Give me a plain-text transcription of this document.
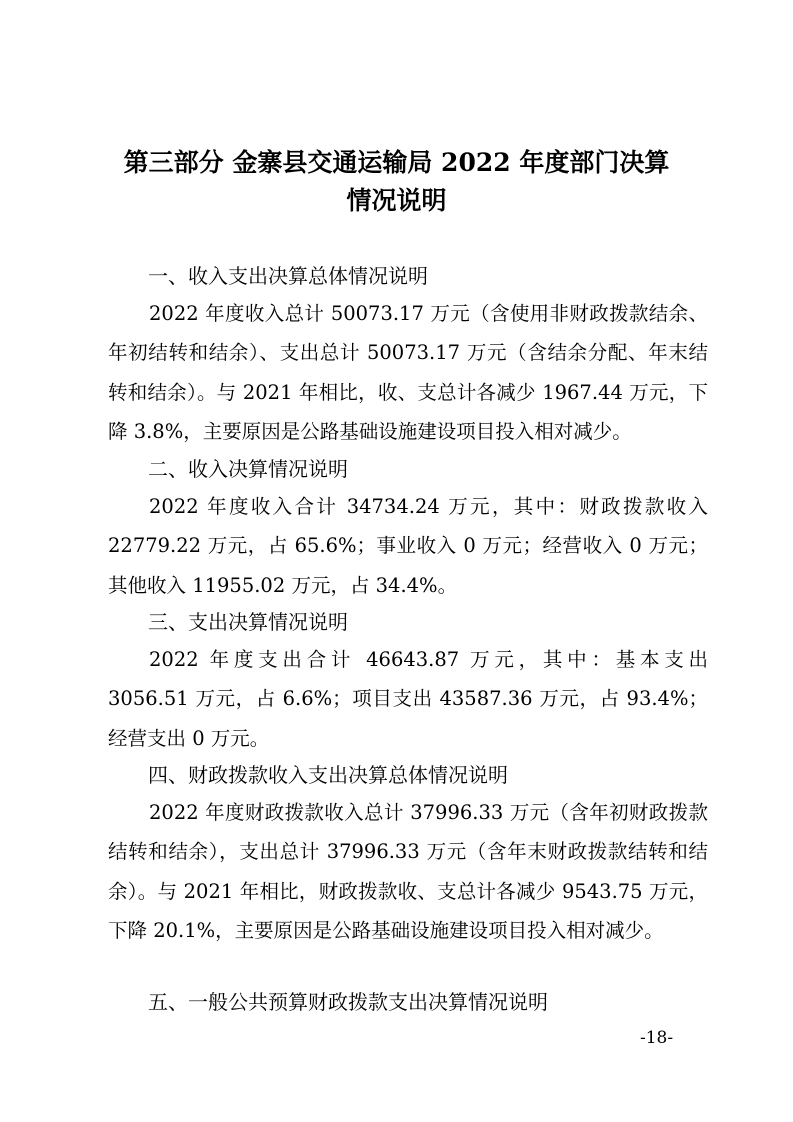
第三部分 金寨县交通运输局 2022 年度部门决算
情况说明
一、收入支出决算总体情况说明
2022 年度收入总计 50073.17 万元（含使用非财政拨款结余、年初结转和结余）、支出总计 50073.17 万元（含结余分配、年末结转和结余）。与 2021 年相比，收、支总计各减少 1967.44 万元，下降 3.8%，主要原因是公路基础设施建设项目投入相对减少。
二、收入决算情况说明
2022 年度收入合计 34734.24 万元，其中：财政拨款收入 22779.22 万元，占 65.6%；事业收入 0 万元；经营收入 0 万元；其他收入 11955.02 万元，占 34.4%。
三、支出决算情况说明
2022 年度支出合计 46643.87 万元，其中：基本支出 3056.51 万元，占 6.6%；项目支出 43587.36 万元，占 93.4%；经营支出 0 万元。
四、财政拨款收入支出决算总体情况说明
2022 年度财政拨款收入总计 37996.33 万元（含年初财政拨款结转和结余），支出总计 37996.33 万元（含年末财政拨款结转和结余）。与 2021 年相比，财政拨款收、支总计各减少 9543.75 万元，下降 20.1%，主要原因是公路基础设施建设项目投入相对减少。
五、一般公共预算财政拨款支出决算情况说明
-18-
